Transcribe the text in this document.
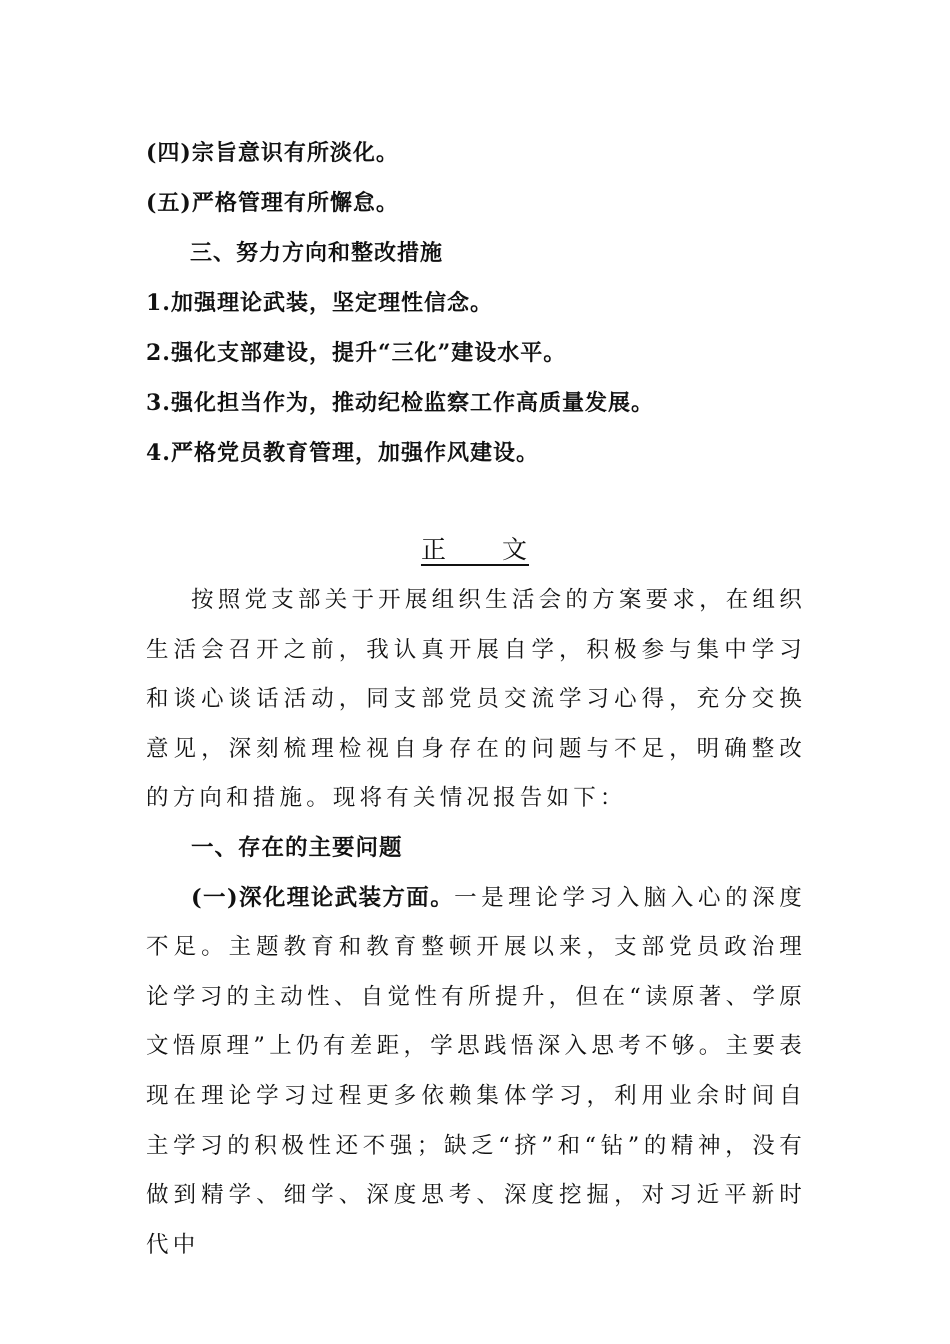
(四)宗旨意识有所淡化。
(五)严格管理有所懈怠。
三、努力方向和整改措施
1.加强理论武装，坚定理性信念。
2.强化支部建设，提升“三化”建设水平。
3.强化担当作为，推动纪检监察工作高质量发展。
4.严格党员教育管理，加强作风建设。
正　　文

按照党支部关于开展组织生活会的方案要求，在组织生活会召开之前，我认真开展自学，积极参与集中学习和谈心谈话活动，同支部党员交流学习心得，充分交换意见，深刻梳理检视自身存在的问题与不足，明确整改的方向和措施。现将有关情况报告如下：

一、存在的主要问题

(一)深化理论武装方面。一是理论学习入脑入心的深度不足。主题教育和教育整顿开展以来，支部党员政治理论学习的主动性、自觉性有所提升，但在“读原著、学原文悟原理”上仍有差距，学思践悟深入思考不够。主要表现在理论学习过程更多依赖集体学习，利用业余时间自主学习的积极性还不强；缺乏“挤”和“钻”的精神，没有做到精学、细学、深度思考、深度挖掘，对习近平新时代中
